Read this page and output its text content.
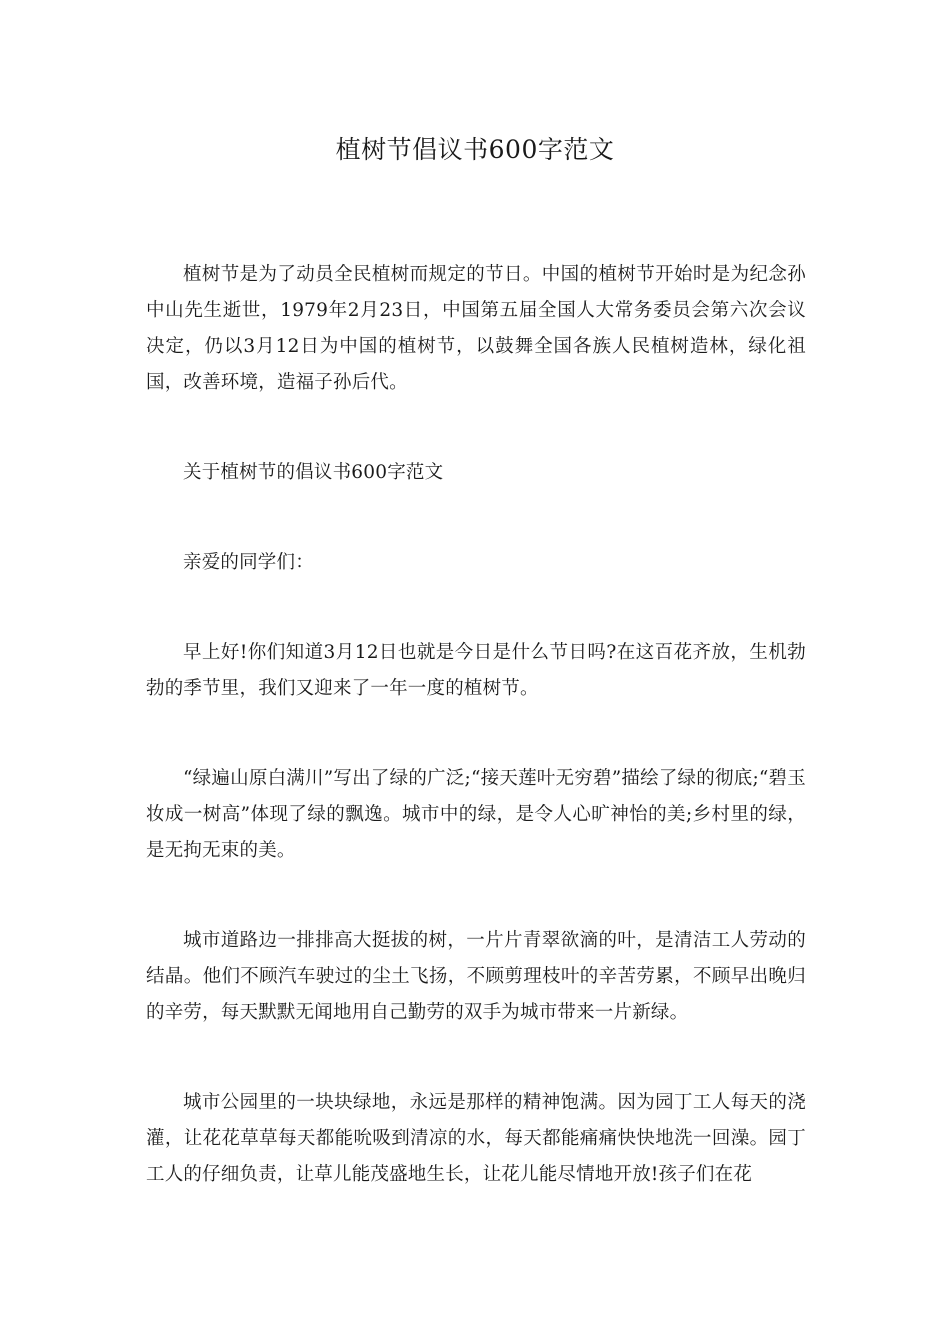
植树节倡议书600字范文

植树节是为了动员全民植树而规定的节日。中国的植树节开始时是为纪念孙中山先生逝世，1979年2月23日，中国第五届全国人大常务委员会第六次会议决定，仍以3月12日为中国的植树节，以鼓舞全国各族人民植树造林，绿化祖国，改善环境，造福子孙后代。

关于植树节的倡议书600字范文

亲爱的同学们：

早上好!你们知道3月12日也就是今日是什么节日吗?在这百花齐放，生机勃勃的季节里，我们又迎来了一年一度的植树节。

“绿遍山原白满川”写出了绿的广泛;“接天莲叶无穷碧”描绘了绿的彻底;“碧玉妆成一树高”体现了绿的飘逸。城市中的绿，是令人心旷神怡的美;乡村里的绿，是无拘无束的美。

城市道路边一排排高大挺拔的树，一片片青翠欲滴的叶，是清洁工人劳动的结晶。他们不顾汽车驶过的尘土飞扬，不顾剪理枝叶的辛苦劳累，不顾早出晚归的辛劳，每天默默无闻地用自己勤劳的双手为城市带来一片新绿。

城市公园里的一块块绿地，永远是那样的精神饱满。因为园丁工人每天的浇灌，让花花草草每天都能吮吸到清凉的水，每天都能痛痛快快地洗一回澡。园丁工人的仔细负责，让草儿能茂盛地生长，让花儿能尽情地开放!孩子们在花
